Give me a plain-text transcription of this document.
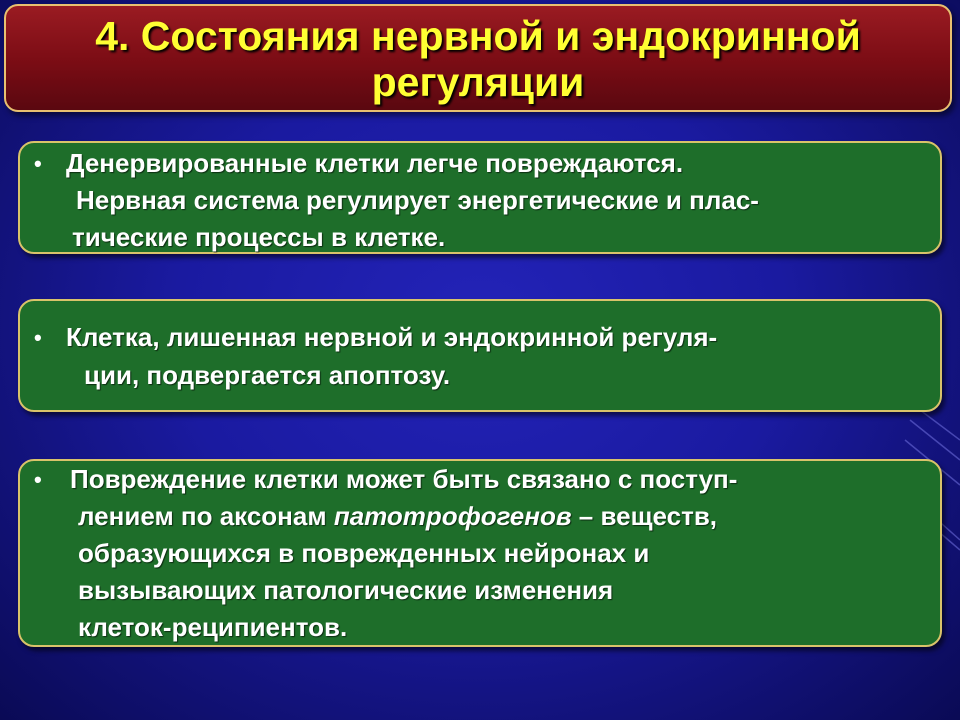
4. Состояния нервной и эндокринной
регуляции
• Денервированные клетки легче повреждаются.
Нервная система регулирует энергетические и плас-
тические процессы в клетке.
• Клетка, лишенная нервной и эндокринной регуля-
ции, подвергается апоптозу.
• Повреждение клетки может быть связано с поступ-
лением по аксонам патотрофогенов – веществ,
образующихся в поврежденных нейронах и
вызывающих патологические изменения
клеток-реципиентов.
